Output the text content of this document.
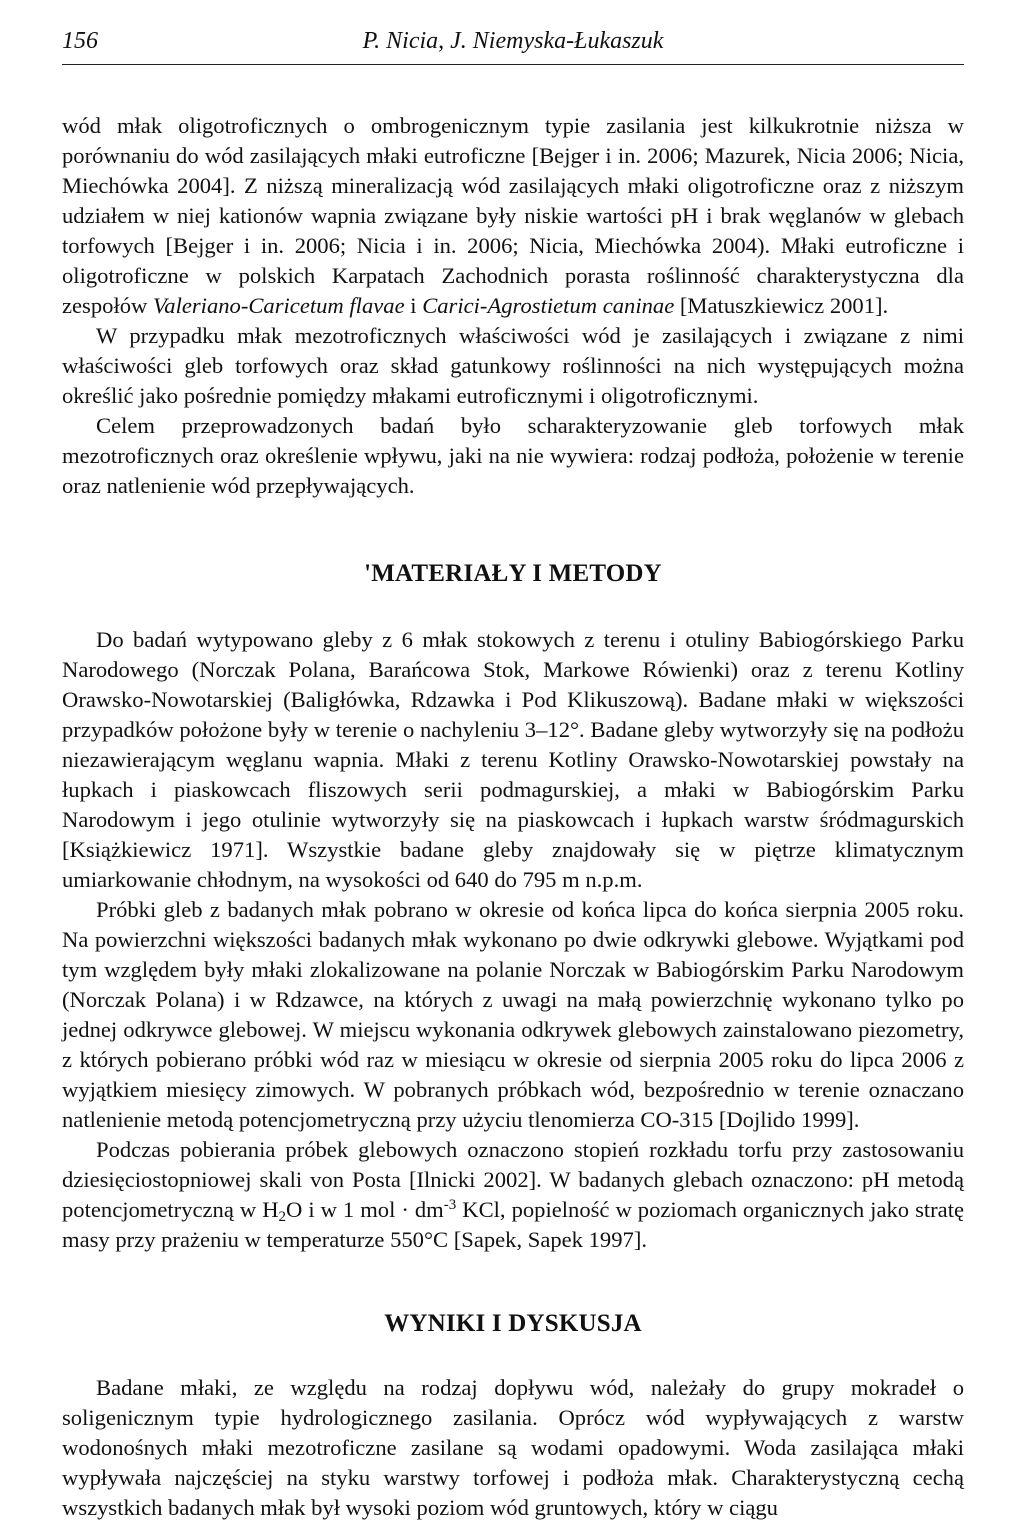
156	P. Nicia, J. Niemyska-Łukaszuk

wód młak oligotroficznych o ombrogenicznym typie zasilania jest kilkukrotnie niższa w porównaniu do wód zasilających młaki eutroficzne [Bejger i in. 2006; Mazurek, Nicia 2006; Nicia, Miechówka 2004]. Z niższą mineralizacją wód zasilających młaki oligotroficzne oraz z niższym udziałem w niej kationów wapnia związane były niskie wartości pH i brak węglanów w glebach torfowych [Bejger i in. 2006; Nicia i in. 2006; Nicia, Miechówka 2004). Młaki eutroficzne i oligotroficzne w polskich Karpatach Zachodnich porasta roślinność charakterystyczna dla zespołów Valeriano-Caricetum flavae i Carici-Agrostietum caninae [Matuszkiewicz 2001].

W przypadku młak mezotroficznych właściwości wód je zasilających i związane z nimi właściwości gleb torfowych oraz skład gatunkowy roślinności na nich występujących można określić jako pośrednie pomiędzy młakami eutroficznymi i oligotroficznymi.

Celem przeprowadzonych badań było scharakteryzowanie gleb torfowych młak mezotroficznych oraz określenie wpływu, jaki na nie wywiera: rodzaj podłoża, położenie w terenie oraz natlenienie wód przepływających.

'MATERIAŁY I METODY

Do badań wytypowano gleby z 6 młak stokowych z terenu i otuliny Babiogórskiego Parku Narodowego (Norczak Polana, Barańcowa Stok, Markowe Rówienki) oraz z terenu Kotliny Orawsko-Nowotarskiej (Baligłówka, Rdzawka i Pod Klikuszową). Badane młaki w większości przypadków położone były w terenie o nachyleniu 3–12°. Badane gleby wytworzyły się na podłożu niezawierającym węglanu wapnia. Młaki z terenu Kotliny Orawsko-Nowotarskiej powstały na łupkach i piaskowcach fliszowych serii podmagurskiej, a młaki w Babiogórskim Parku Narodowym i jego otulinie wytworzyły się na piaskowcach i łupkach warstw śródmagurskich [Książkiewicz 1971]. Wszystkie badane gleby znajdowały się w piętrze klimatycznym umiarkowanie chłodnym, na wysokości od 640 do 795 m n.p.m.

Próbki gleb z badanych młak pobrano w okresie od końca lipca do końca sierpnia 2005 roku. Na powierzchni większości badanych młak wykonano po dwie odkrywki glebowe. Wyjątkami pod tym względem były młaki zlokalizowane na polanie Norczak w Babiogórskim Parku Narodowym (Norczak Polana) i w Rdzawce, na których z uwagi na małą powierzchnię wykonano tylko po jednej odkrywce glebowej. W miejscu wykonania odkrywek glebowych zainstalowano piezometry, z których pobierano próbki wód raz w miesiącu w okresie od sierpnia 2005 roku do lipca 2006 z wyjątkiem miesięcy zimowych. W pobranych próbkach wód, bezpośrednio w terenie oznaczano natlenienie metodą potencjometryczną przy użyciu tlenomierza CO-315 [Dojlido 1999].

Podczas pobierania próbek glebowych oznaczono stopień rozkładu torfu przy zastosowaniu dziesięciostopniowej skali von Posta [Ilnicki 2002]. W badanych glebach oznaczono: pH metodą potencjometryczną w $H_2O$ i w 1 mol · $dm^{-3}$ KCl, popielność w poziomach organicznych jako stratę masy przy prażeniu w temperaturze 550°C [Sapek, Sapek 1997].

WYNIKI I DYSKUSJA

Badane młaki, ze względu na rodzaj dopływu wód, należały do grupy mokradeł o soligenicznym typie hydrologicznego zasilania. Oprócz wód wypływających z warstw wodonośnych młaki mezotroficzne zasilane są wodami opadowymi. Woda zasilająca młaki wypływała najczęściej na styku warstwy torfowej i podłoża młak. Charakterystyczną cechą wszystkich badanych młak był wysoki poziom wód gruntowych, który w ciągu
